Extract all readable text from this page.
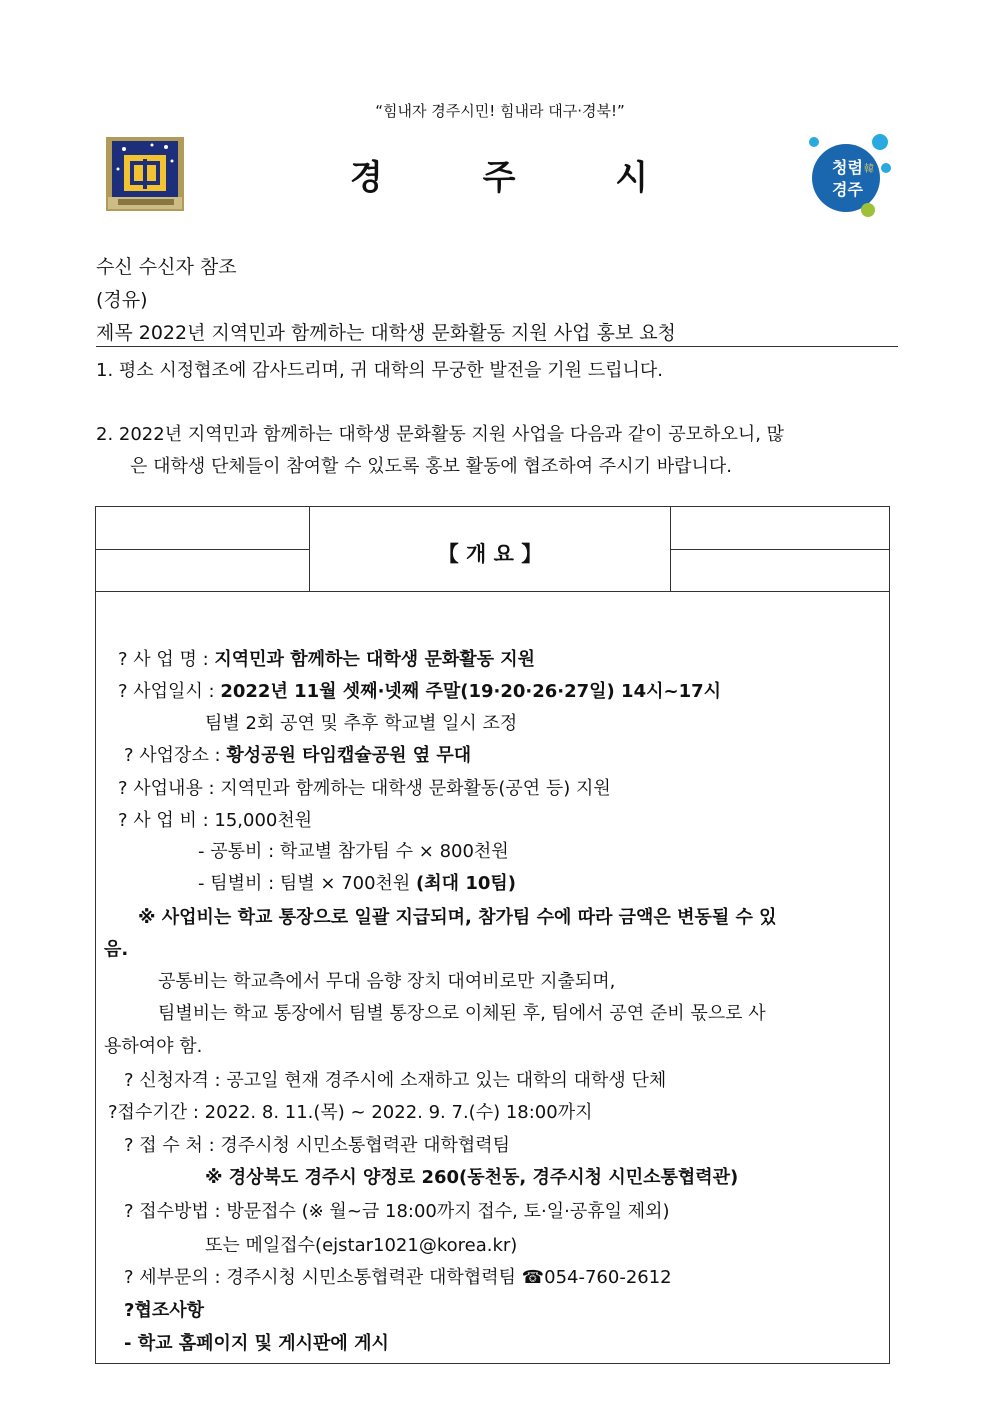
“힘내자 경주시민! 힘내라 대구·경북!”
경 주 시	청렴 韓
경주
수신 수신자 참조
(경유)
제목 2022년 지역민과 함께하는 대학생 문화활동 지원 사업 홍보 요청
1. 평소 시정협조에 감사드리며, 귀 대학의 무궁한 발전을 기원 드립니다.
2. 2022년 지역민과 함께하는 대학생 문화활동 지원 사업을 다음과 같이 공모하오니, 많
은 대학생 단체들이 참여할 수 있도록 홍보 활동에 협조하여 주시기 바랍니다.
【 개 요 】
? 사 업 명 : 지역민과 함께하는 대학생 문화활동 지원
? 사업일시 : 2022년 11월 셋째·넷째 주말(19·20·26·27일) 14시~17시
팀별 2회 공연 및 추후 학교별 일시 조정
? 사업장소 : 황성공원 타임캡슐공원 옆 무대
? 사업내용 : 지역민과 함께하는 대학생 문화활동(공연 등) 지원
? 사 업 비 : 15,000천원
- 공통비 : 학교별 참가팀 수 × 800천원
- 팀별비 : 팀별 × 700천원 (최대 10팀)
※ 사업비는 학교 통장으로 일괄 지급되며, 참가팀 수에 따라 금액은 변동될 수 있
음.
공통비는 학교측에서 무대 음향 장치 대여비로만 지출되며,
팀별비는 학교 통장에서 팀별 통장으로 이체된 후, 팀에서 공연 준비 몫으로 사
용하여야 함.
? 신청자격 : 공고일 현재 경주시에 소재하고 있는 대학의 대학생 단체
?접수기간 : 2022. 8. 11.(목) ~ 2022. 9. 7.(수) 18:00까지
? 접 수 처 : 경주시청 시민소통협력관 대학협력팀
※ 경상북도 경주시 양정로 260(동천동, 경주시청 시민소통협력관)
? 접수방법 : 방문접수 (※ 월~금 18:00까지 접수, 토·일·공휴일 제외)
또는 메일접수(ejstar1021@korea.kr)
? 세부문의 : 경주시청 시민소통협력관 대학협력팀 ☎054-760-2612
?협조사항
- 학교 홈페이지 및 게시판에 게시
